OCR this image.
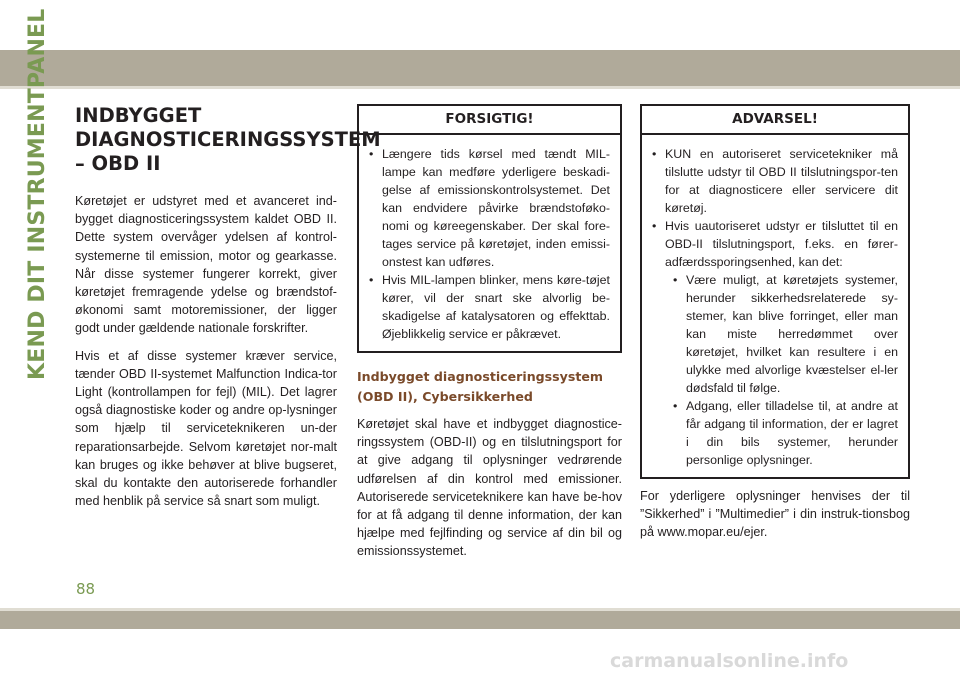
KEND DIT INSTRUMENTPANEL INDBYGGET
DIAGNOSTICERINGSSYSTEM
– OBD II

Køretøjet er udstyret med et avanceret ind-bygget diagnosticeringssystem kaldet OBD II. Dette system overvåger ydelsen af kontrol-systemerne til emission, motor og gearkasse. Når disse systemer fungerer korrekt, giver køretøjet fremragende ydelse og brændstof-økonomi samt motoremissioner, der ligger godt under gældende nationale forskrifter.

Hvis et af disse systemer kræver service, tænder OBD II-systemet Malfunction Indica-tor Light (kontrollampen for fejl) (MIL). Det lagrer også diagnostiske koder og andre op-lysninger som hjælp til serviceteknikeren un-der reparationsarbejde. Selvom køretøjet nor-malt kan bruges og ikke behøver at blive bugseret, skal du kontakte den autoriserede forhandler med henblik på service så snart som muligt.

FORSIGTIG!
• Længere tids kørsel med tændt MIL-lampe kan medføre yderligere beskadi-gelse af emissionskontrolsystemet. Det kan endvidere påvirke brændstoføko-nomi og køreegenskaber. Der skal fore-tages service på køretøjet, inden emissi-onstest kan udføres.
• Hvis MIL-lampen blinker, mens køre-tøjet kører, vil der snart ske alvorlig be-skadigelse af katalysatoren og effekttab. Øjeblikkelig service er påkrævet.
Indbygget diagnosticeringssystem (OBD II), Cybersikkerhed

Køretøjet skal have et indbygget diagnostice-ringssystem (OBD-II) og en tilslutningsport for at give adgang til oplysninger vedrørende udførelsen af din kontrol med emissioner. Autoriserede serviceteknikere kan have be-hov for at få adgang til denne information, der kan hjælpe med fejlfinding og service af din bil og emissionssystemet.

ADVARSEL!
• KUN en autoriseret servicetekniker må tilslutte udstyr til OBD II tilslutningspor-ten for at diagnosticere eller servicere dit køretøj.
• Hvis uautoriseret udstyr er tilsluttet til en OBD-II tilslutningsport, f.eks. en fører-adfærdssporingsenhed, kan det:
• Være muligt, at køretøjets systemer, herunder sikkerhedsrelaterede sy-stemer, kan blive forringet, eller man kan miste herredømmet over køretøjet, hvilket kan resultere i en ulykke med alvorlige kvæstelser el-ler dødsfald til følge.
• Adgang, eller tilladelse til, at andre at får adgang til information, der er lagret i din bils systemer, herunder personlige oplysninger.

For yderligere oplysninger henvises der til ”Sikkerhed” i ”Multimedier” i din instruk-tionsbog på www.mopar.eu/ejer.

88
carmanualsonline.info
